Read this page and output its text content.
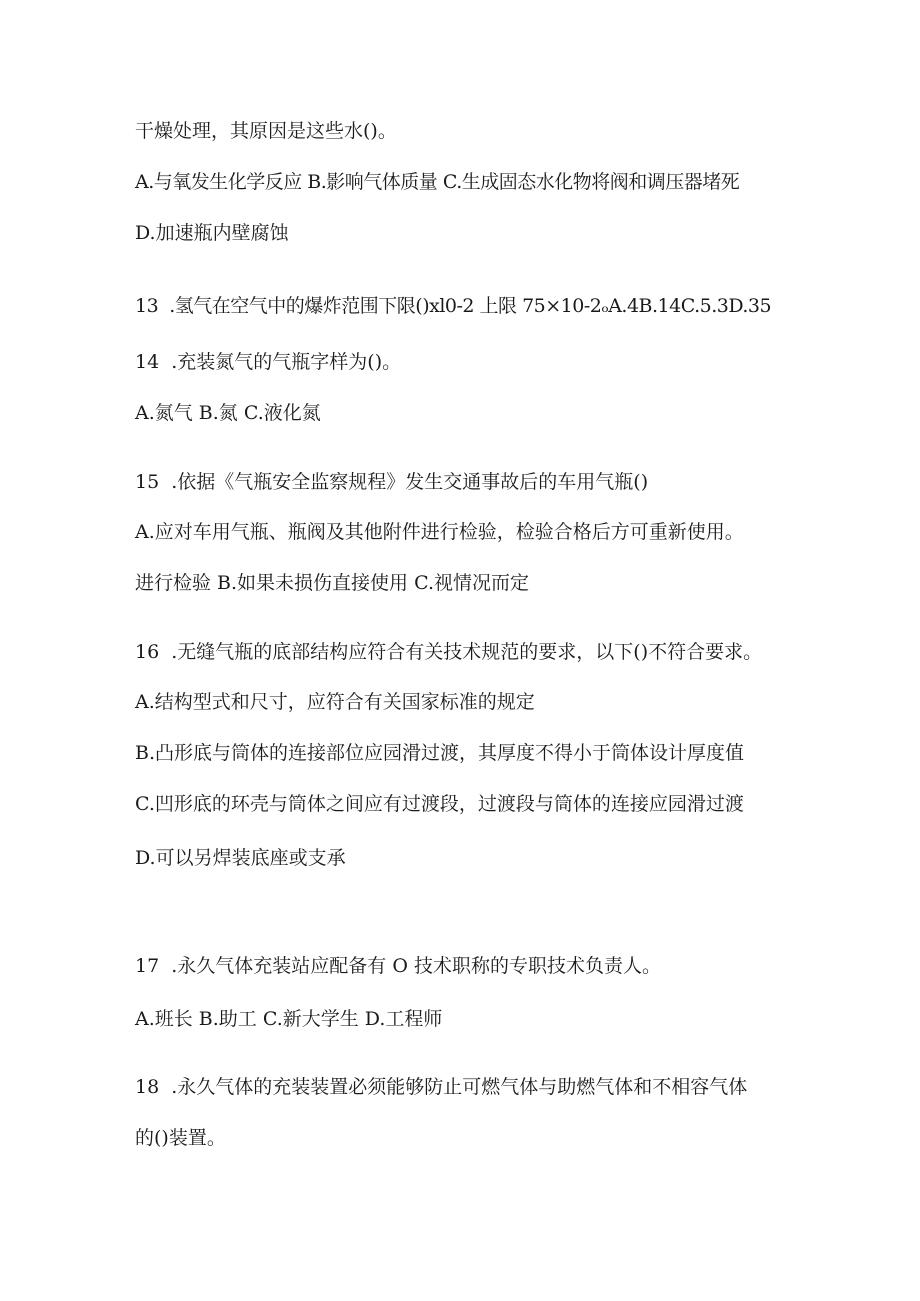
干燥处理，其原因是这些水()。
A.与氧发生化学反应 B.影响气体质量 C.生成固态水化物将阀和调压器堵死
D.加速瓶内壁腐蚀
13  .氢气在空气中的爆炸范围下限()xl0-2 上限 75×10-2ₒA.4B.14C.5.3D.35
14  .充装氮气的气瓶字样为()。
A.氮气 B.氮 C.液化氮
15  .依据《气瓶安全监察规程》发生交通事故后的车用气瓶()
A.应对车用气瓶、瓶阀及其他附件进行检验，检验合格后方可重新使用。
进行检验 B.如果未损伤直接使用 C.视情况而定
16  .无缝气瓶的底部结构应符合有关技术规范的要求，以下()不符合要求。
A.结构型式和尺寸，应符合有关国家标准的规定
B.凸形底与筒体的连接部位应园滑过渡，其厚度不得小于筒体设计厚度值
C.凹形底的环壳与筒体之间应有过渡段，过渡段与筒体的连接应园滑过渡
D.可以另焊装底座或支承
17  .永久气体充装站应配备有 O 技术职称的专职技术负责人。
A.班长 B.助工 C.新大学生 D.工程师
18  .永久气体的充装装置必须能够防止可燃气体与助燃气体和不相容气体
的()装置。
